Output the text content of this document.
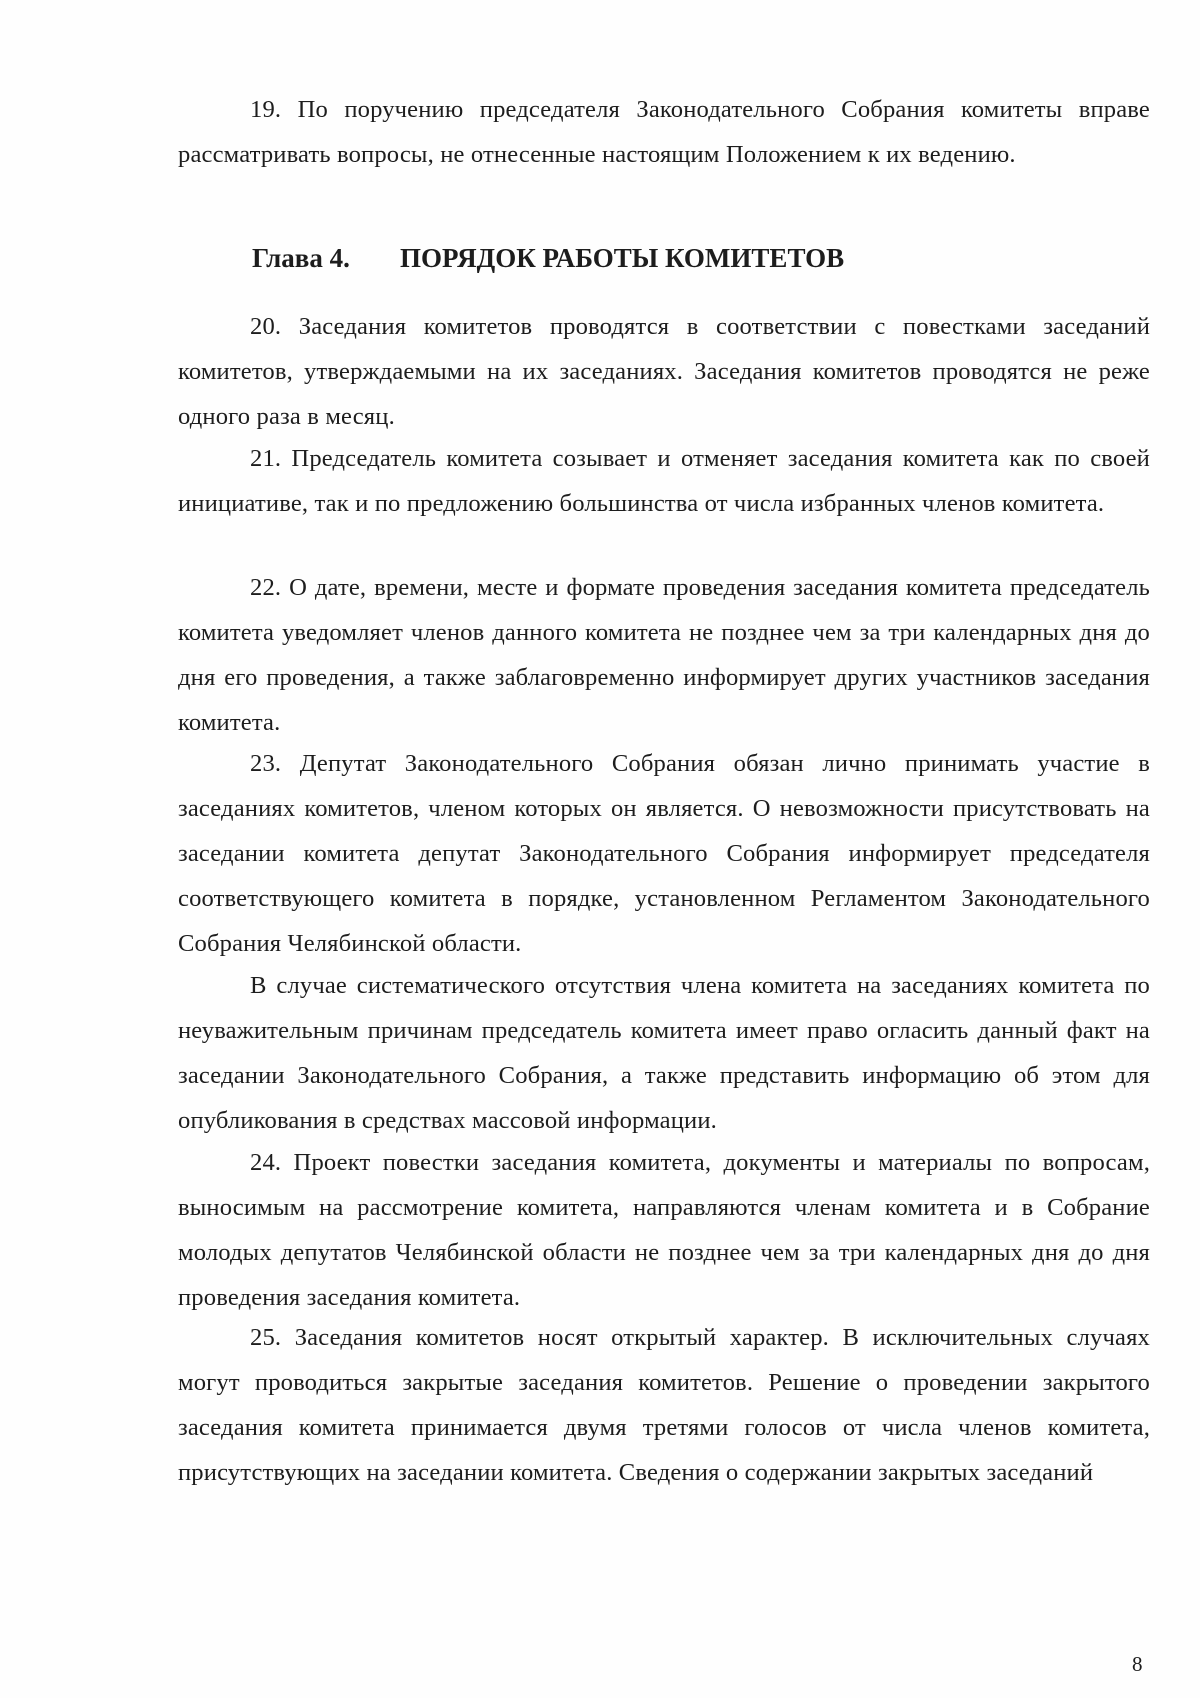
19. По поручению председателя Законодательного Собрания комитеты вправе рассматривать вопросы, не отнесенные настоящим Положением к их ведению.

Глава 4. ПОРЯДОК РАБОТЫ КОМИТЕТОВ

20. Заседания комитетов проводятся в соответствии с повестками заседаний комитетов, утверждаемыми на их заседаниях. Заседания комитетов проводятся не реже одного раза в месяц.

21. Председатель комитета созывает и отменяет заседания комитета как по своей инициативе, так и по предложению большинства от числа избранных членов комитета.

22. О дате, времени, месте и формате проведения заседания комитета председатель комитета уведомляет членов данного комитета не позднее чем за три календарных дня до дня его проведения, а также заблаговременно информирует других участников заседания комитета.

23. Депутат Законодательного Собрания обязан лично принимать участие в заседаниях комитетов, членом которых он является. О невозможности присутствовать на заседании комитета депутат Законодательного Собрания информирует председателя соответствующего комитета в порядке, установленном Регламентом Законодательного Собрания Челябинской области.

В случае систематического отсутствия члена комитета на заседаниях комитета по неуважительным причинам председатель комитета имеет право огласить данный факт на заседании Законодательного Собрания, а также представить информацию об этом для опубликования в средствах массовой информации.

24. Проект повестки заседания комитета, документы и материалы по вопросам, выносимым на рассмотрение комитета, направляются членам комитета и в Собрание молодых депутатов Челябинской области не позднее чем за три календарных дня до дня проведения заседания комитета.

25. Заседания комитетов носят открытый характер. В исключительных случаях могут проводиться закрытые заседания комитетов. Решение о проведении закрытого заседания комитета принимается двумя третями голосов от числа членов комитета, присутствующих на заседании комитета. Сведения о содержании закрытых заседаний

8
